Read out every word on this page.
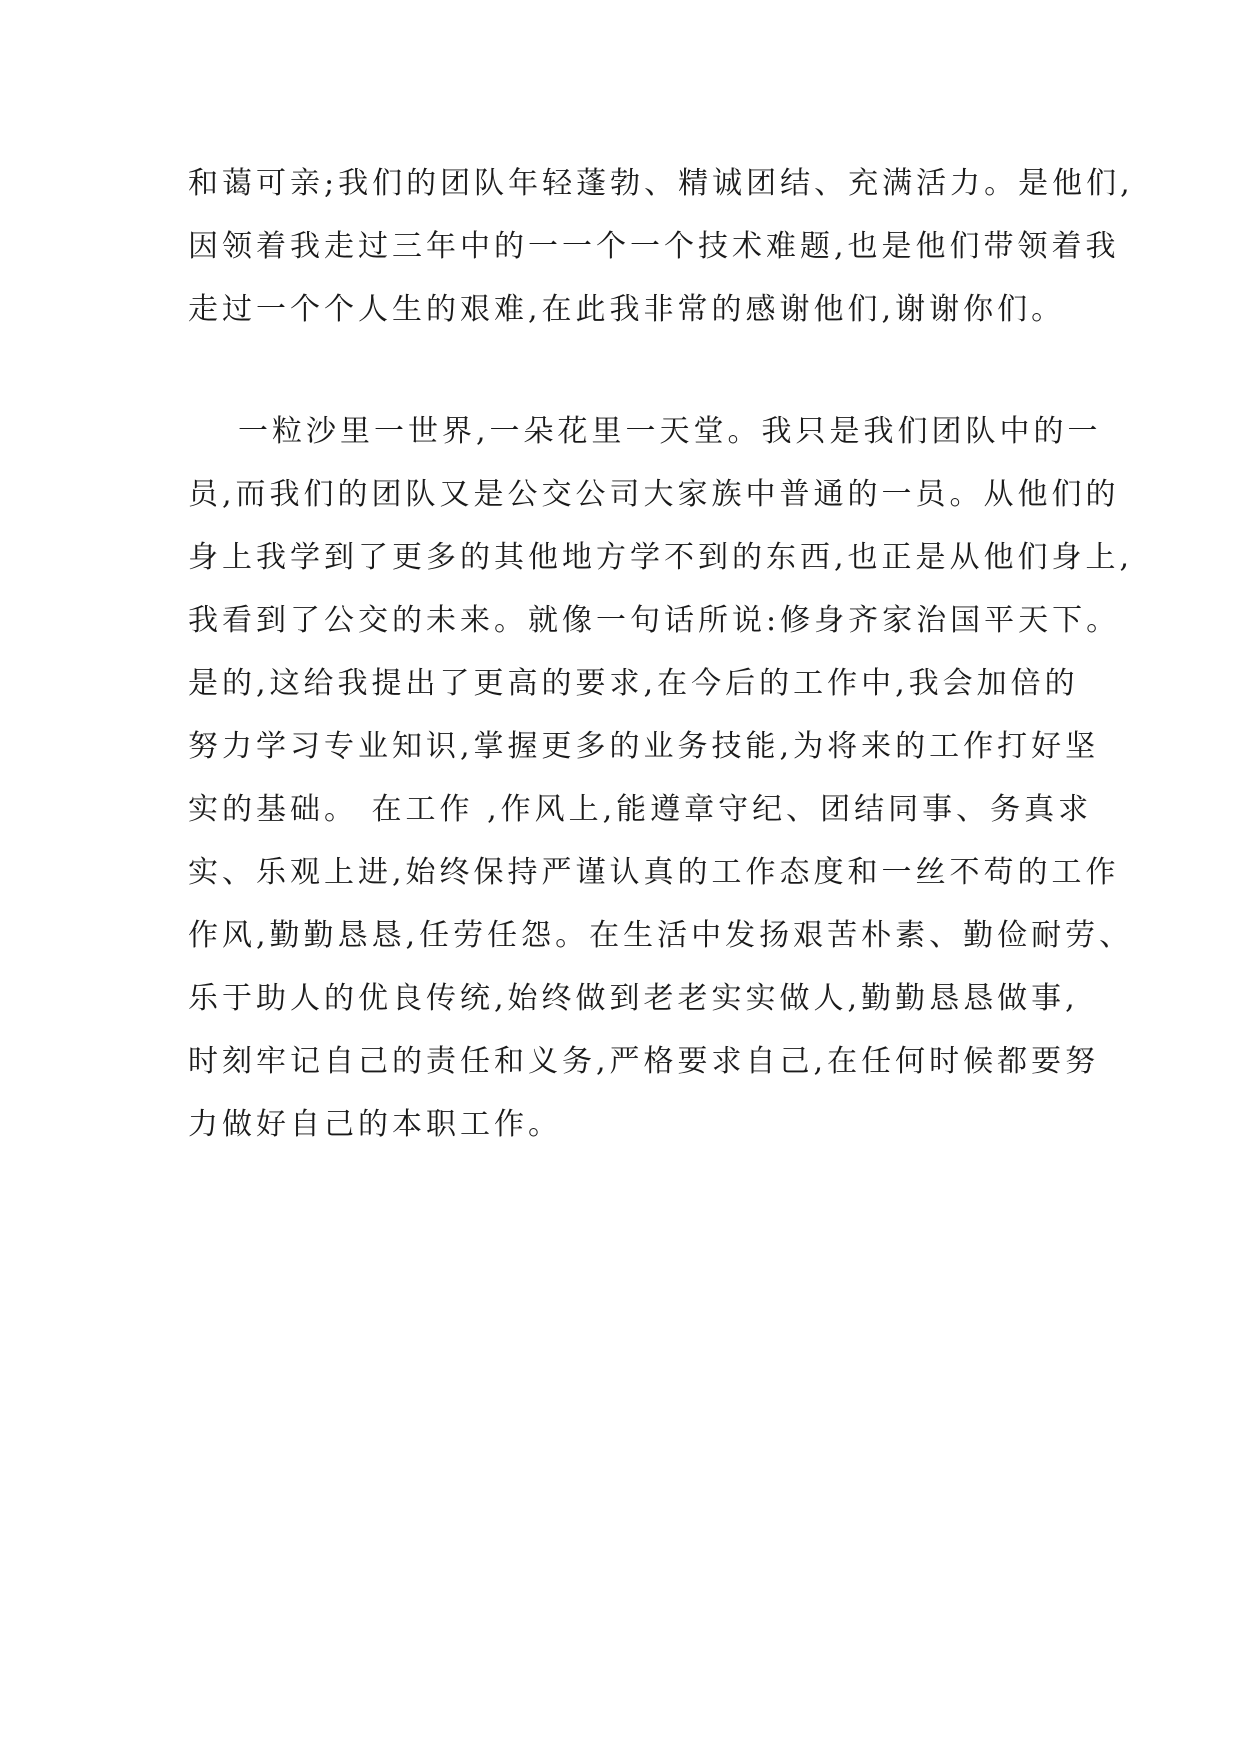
和蔼可亲;我们的团队年轻蓬勃、精诚团结、充满活力。是他们,
因领着我走过三年中的一一个一个技术难题,也是他们带领着我
走过一个个人生的艰难,在此我非常的感谢他们,谢谢你们。
一粒沙里一世界,一朵花里一天堂。我只是我们团队中的一
员,而我们的团队又是公交公司大家族中普通的一员。从他们的
身上我学到了更多的其他地方学不到的东西,也正是从他们身上,
我看到了公交的未来。就像一句话所说:修身齐家治国平天下。
是的,这给我提出了更高的要求,在今后的工作中,我会加倍的
努力学习专业知识,掌握更多的业务技能,为将来的工作打好坚
实的基础。 在工作 ,作风上,能遵章守纪、团结同事、务真求
实、乐观上进,始终保持严谨认真的工作态度和一丝不苟的工作
作风,勤勤恳恳,任劳任怨。在生活中发扬艰苦朴素、勤俭耐劳、
乐于助人的优良传统,始终做到老老实实做人,勤勤恳恳做事,
时刻牢记自己的责任和义务,严格要求自己,在任何时候都要努
力做好自己的本职工作。
